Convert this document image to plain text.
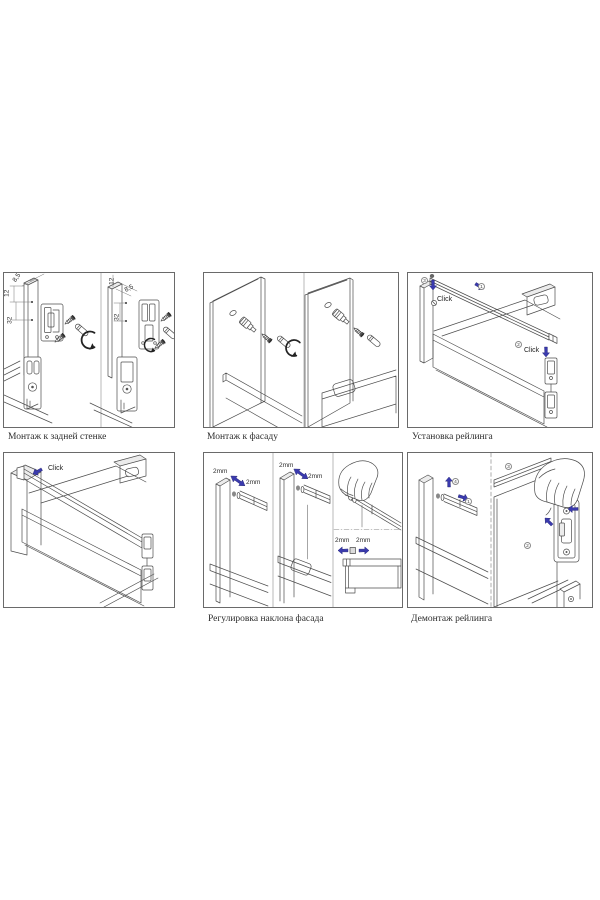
8,5
12
32
12
8,5
32
3
1
2
Click
Click
Click	2mm
2mm
2mm
2mm
2mm 2mm
4
1
3
2
Монтаж к задней стенке	Монтаж к фасаду	Установка рейлинга
Регулировка наклона фасада	Демонтаж рейлинга
